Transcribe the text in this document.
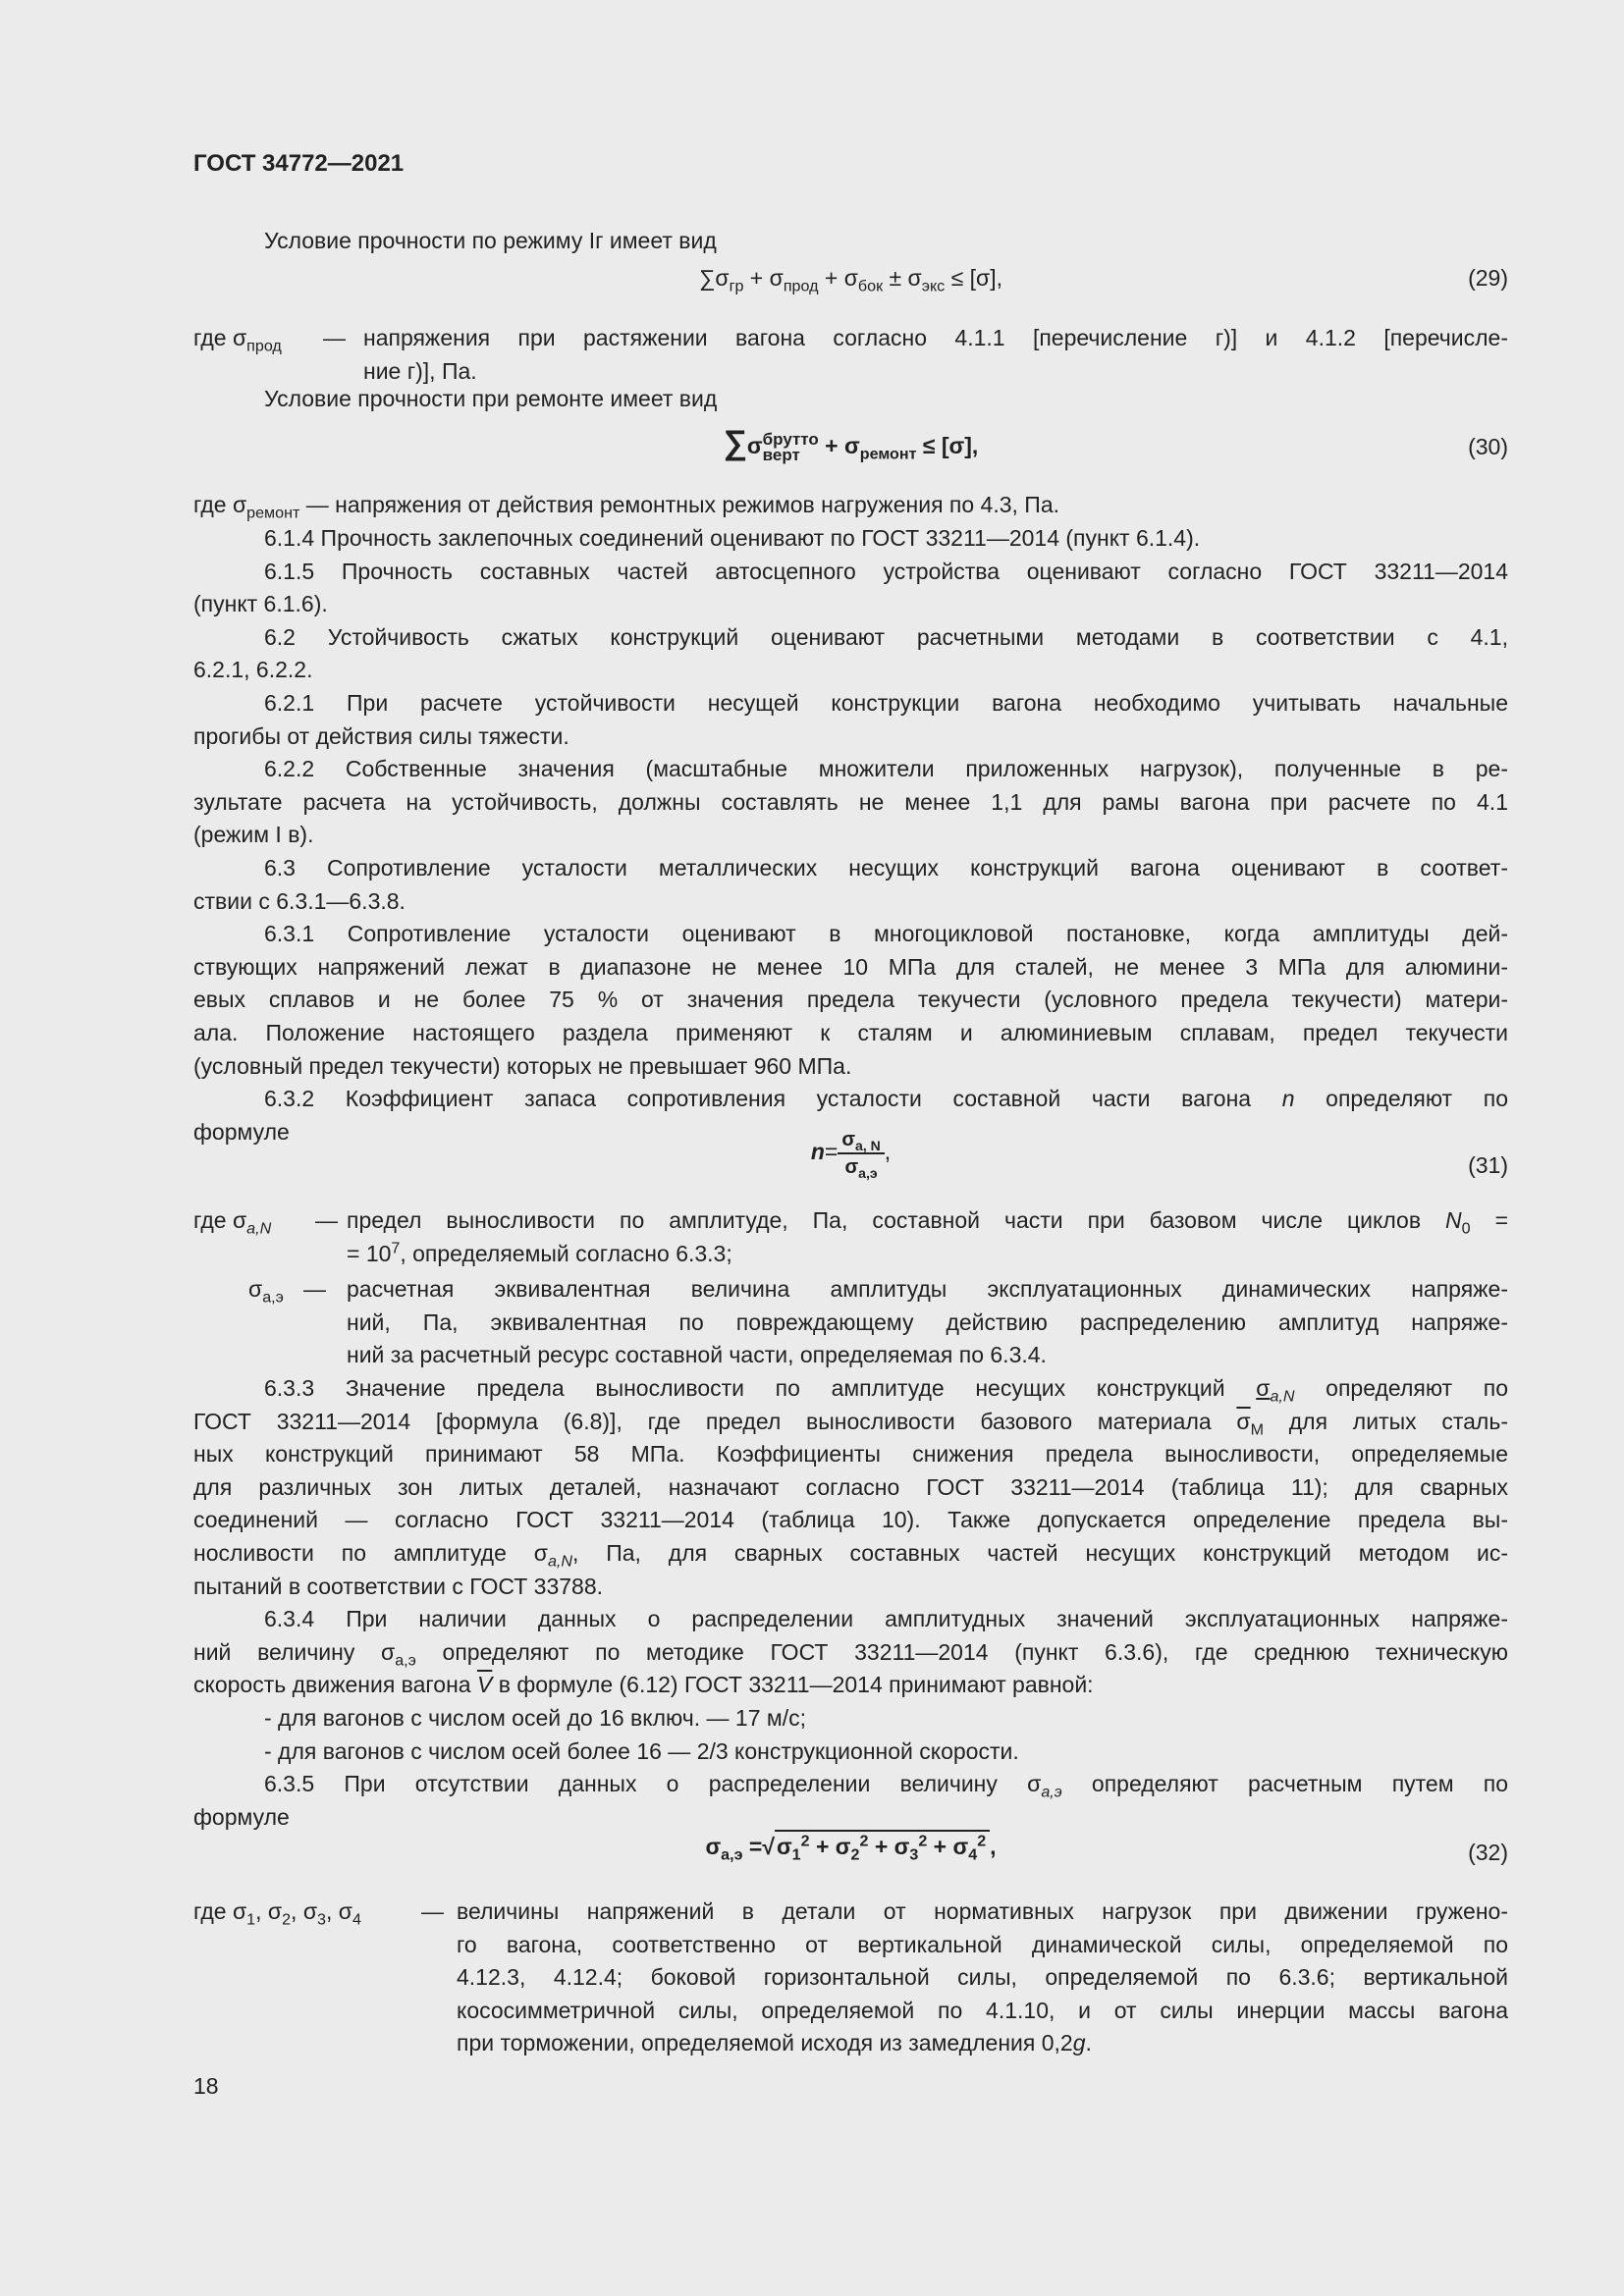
ГОСТ 34772—2021
Условие прочности по режиму Iг имеет вид
$\sum\sigma_{гр} + \sigma_{прод} + \sigma_{бок} \pm \sigma_{экс} \le [\sigma]$,	(29)
где $\sigma_{прод}$ — напряжения при растяжении вагона согласно 4.1.1 [перечисление г)] и 4.1.2 [перечисле-
ние г)], Па.
Условие прочности при ремонте имеет вид
∑σ брутто
верт + $\sigma_{ремонт} \le [\sigma]$,	(30)
где $\sigma_{ремонт}$ — напряжения от действия ремонтных режимов нагружения по 4.3, Па.
6.1.4 Прочность заклепочных соединений оценивают по ГОСТ 33211—2014 (пункт 6.1.4).
6.1.5 Прочность составных частей автосцепного устройства оценивают согласно ГОСТ 33211—2014
(пункт 6.1.6).
6.2 Устойчивость сжатых конструкций оценивают расчетными методами в соответствии с 4.1,
6.2.1, 6.2.2.
6.2.1 При расчете устойчивости несущей конструкции вагона необходимо учитывать начальные
прогибы от действия силы тяжести.
6.2.2 Собственные значения (масштабные множители приложенных нагрузок), полученные в ре-
зультате расчета на устойчивость, должны составлять не менее 1,1 для рамы вагона при расчете по 4.1
(режим I в).
6.3 Сопротивление усталости металлических несущих конструкций вагона оценивают в соответ-
ствии с 6.3.1—6.3.8.
6.3.1 Сопротивление усталости оценивают в многоцикловой постановке, когда амплитуды дей-
ствующих напряжений лежат в диапазоне не менее 10 МПа для сталей, не менее 3 МПа для алюмини-
евых сплавов и не более 75 % от значения предела текучести (условного предела текучести) матери-
ала. Положение настоящего раздела применяют к сталям и алюминиевым сплавам, предел текучести
(условный предел текучести) которых не превышает 960 МПа.
6.3.2 Коэффициент запаса сопротивления усталости составной части вагона n определяют по
формуле
$n= \frac{\sigma_{a, N}}{\sigma_{a,э}}$ ,
(31)
где $\sigma_{a,N}$ — предел выносливости по амплитуде, Па, составной части при базовом числе циклов $N_0$ =
= $10^7$, определяемый согласно 6.3.3;
$\sigma_{a,э}$ — расчетная эквивалентная величина амплитуды эксплуатационных динамических напряже-
ний, Па, эквивалентная по повреждающему действию распределению амплитуд напряже-
ний за расчетный ресурс составной части, определяемая по 6.3.4.
6.3.3 Значение предела выносливости по амплитуде несущих конструкций $\sigma_{a,N}$ определяют по
ГОСТ 33211—2014 [формула (6.8)], где предел выносливости базового материала $\overline{\sigma}_М$ для литых сталь-
ных конструкций принимают 58 МПа. Коэффициенты снижения предела выносливости, определяемые
для различных зон литых деталей, назначают согласно ГОСТ 33211—2014 (таблица 11); для сварных
соединений — согласно ГОСТ 33211—2014 (таблица 10). Также допускается определение предела вы-
носливости по амплитуде $\sigma_{a,N}$, Па, для сварных составных частей несущих конструкций методом ис-
пытаний в соответствии с ГОСТ 33788.
6.3.4 При наличии данных о распределении амплитудных значений эксплуатационных напряже-
ний величину $\sigma_{a,э}$ определяют по методике ГОСТ 33211—2014 (пункт 6.3.6), где среднюю техническую
скорость движения вагона $\overline{V}$ в формуле (6.12) ГОСТ 33211—2014 принимают равной:
- для вагонов с числом осей до 16 включ. — 17 м/с;
- для вагонов с числом осей более 16 — 2/3 конструкционной скорости.
6.3.5 При отсутствии данных о распределении величину $\sigma_{a,э}$ определяют расчетным путем по
формуле
$\sigma_{a,э} =√\sigma_1^2 + \sigma_2^2 + \sigma_3^2 + \sigma_4^2$ ,	(32)
где $\sigma_1$, $\sigma_2$, $\sigma_3$, $\sigma_4$	— величины напряжений в детали от нормативных нагрузок при движении гружено-
го вагона, соответственно от вертикальной динамической силы, определяемой по
4.12.3, 4.12.4; боковой горизонтальной силы, определяемой по 6.3.6; вертикальной
кососимметричной силы, определяемой по 4.1.10, и от силы инерции массы вагона
при торможении, определяемой исходя из замедления 0,2g.
18
